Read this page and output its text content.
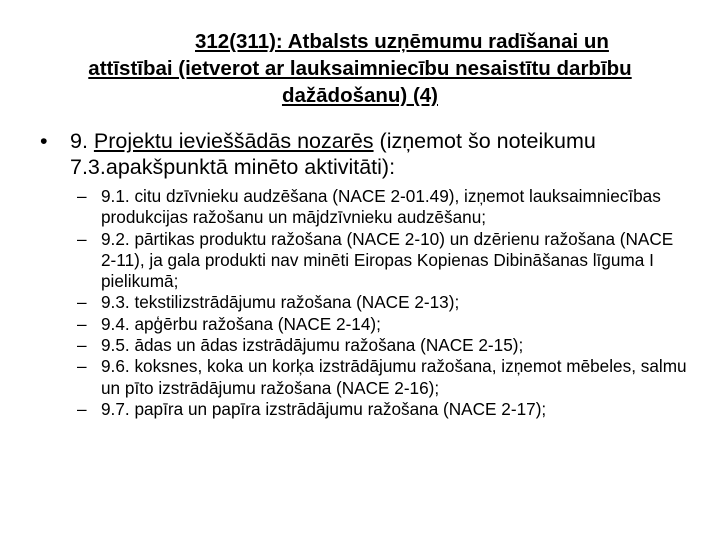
312(311): Atbalsts uzņēmumu radīšanai un
attīstībai (ietverot ar lauksaimniecību nesaistītu darbību
dažādošanu) (4)
• 9. Projektu ievieššādās nozarēs (izņemot šo noteikumu 7.3.apakšpunktā minēto aktivitāti):
– 9.1. citu dzīvnieku audzēšana (NACE 2-01.49), izņemot lauksaimniecības produkcijas ražošanu un mājdzīvnieku audzēšanu;
– 9.2. pārtikas produktu ražošana (NACE 2-10) un dzērienu ražošana (NACE 2-11), ja gala produkti nav minēti Eiropas Kopienas Dibināšanas līguma I pielikumā;
– 9.3. tekstilizstrādājumu ražošana (NACE 2-13);
– 9.4. apģērbu ražošana (NACE 2-14);
– 9.5. ādas un ādas izstrādājumu ražošana (NACE 2-15);
– 9.6. koksnes, koka un korķa izstrādājumu ražošana, izņemot mēbeles, salmu un pīto izstrādājumu ražošana (NACE 2-16);
– 9.7. papīra un papīra izstrādājumu ražošana (NACE 2-17);
